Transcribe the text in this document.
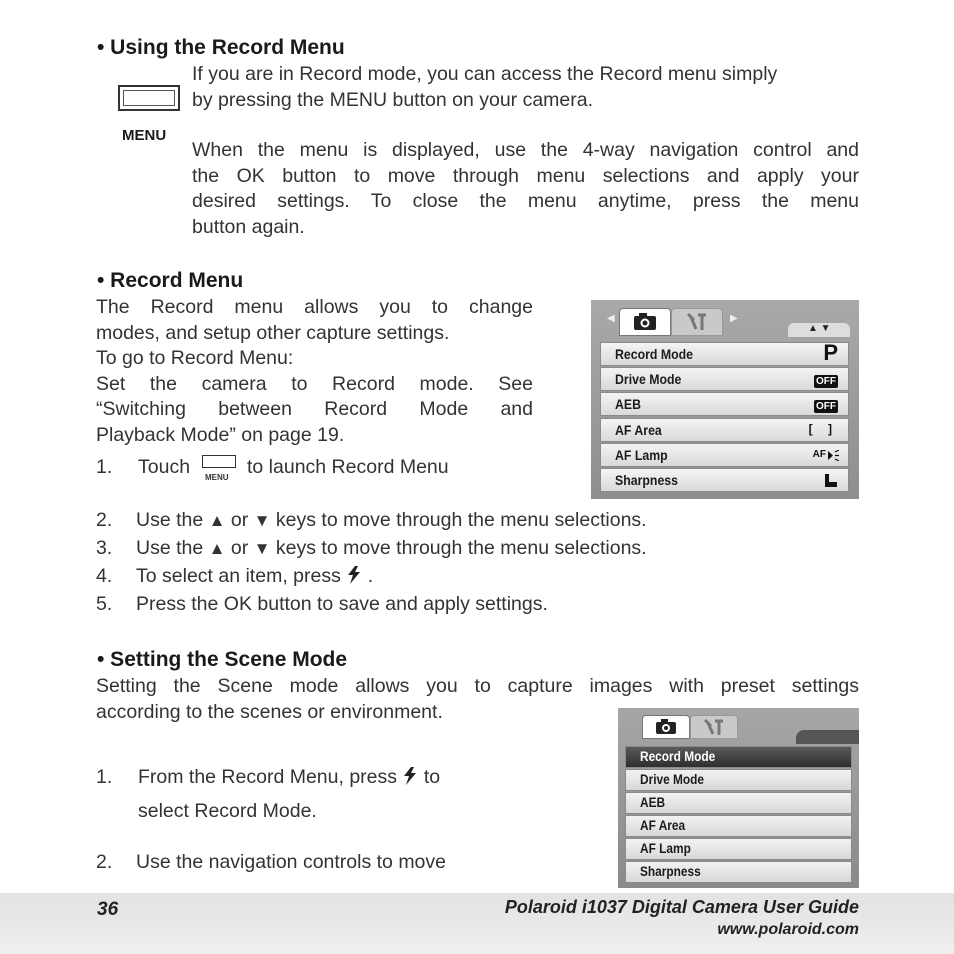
• Using the Record Menu
MENU
If you are in Record mode, you can access the Record menu simply
by pressing the MENU button on your camera.
When the menu is displayed, use the 4-way navigation control and
the OK button to move through menu selections and apply your
desired settings. To close the menu anytime, press the menu
button again.
• Record Menu
The Record menu allows you to change
modes, and setup other capture settings.
To go to Record Menu:
Set the camera to Record mode. See
“Switching between Record Mode and
Playback Mode” on page 19.
1. Touch MENU to launch Record Menu
◀	▶
▲ ▼
Record Mode	P
Drive Mode	OFF
AEB	OFF
AF Area	[ ]
AF Lamp	AF
Sharpness
2. Use the ▲ or ▼ keys to move through the menu selections.
3. Use the ▲ or ▼ keys to move through the menu selections.
4. To select an item, press .
5. Press the OK button to save and apply settings.
• Setting the Scene Mode
Setting the Scene mode allows you to capture images with preset settings
according to the scenes or environment.
1. From the Record Menu, press to
select Record Mode.
2. Use the navigation controls to move
Record Mode
Drive Mode
AEB
AF Area
AF Lamp
Sharpness
36	Polaroid i1037 Digital Camera User Guide
www.polaroid.com
